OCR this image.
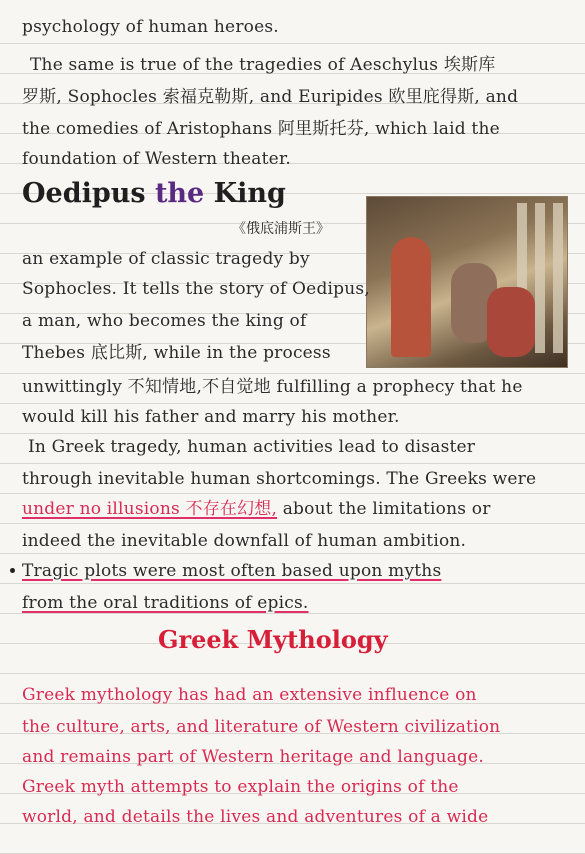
psychology of human heroes.
The same is true of the tragedies of Aeschylus 埃斯库
罗斯, Sophocles 索福克勒斯, and Euripides 欧里庇得斯, and
the comedies of Aristophans 阿里斯托芬, which laid the
foundation of Western theater.
Oedipus the King
《俄底浦斯王》
an example of classic tragedy by
Sophocles. It tells the story of Oedipus,
a man, who becomes the king of
Thebes 底比斯, while in the process
unwittingly 不知情地,不自觉地 fulfilling a prophecy that he
would kill his father and marry his mother.
In Greek tragedy, human activities lead to disaster
through inevitable human shortcomings. The Greeks were
under no illusions 不存在幻想, about the limitations or
indeed the inevitable downfall of human ambition.
Tragic plots were most often based upon myths
from the oral traditions of epics.
Greek Mythology
Greek mythology has had an extensive influence on
the culture, arts, and literature of Western civilization
and remains part of Western heritage and language.
Greek myth attempts to explain the origins of the
world, and details the lives and adventures of a wide
